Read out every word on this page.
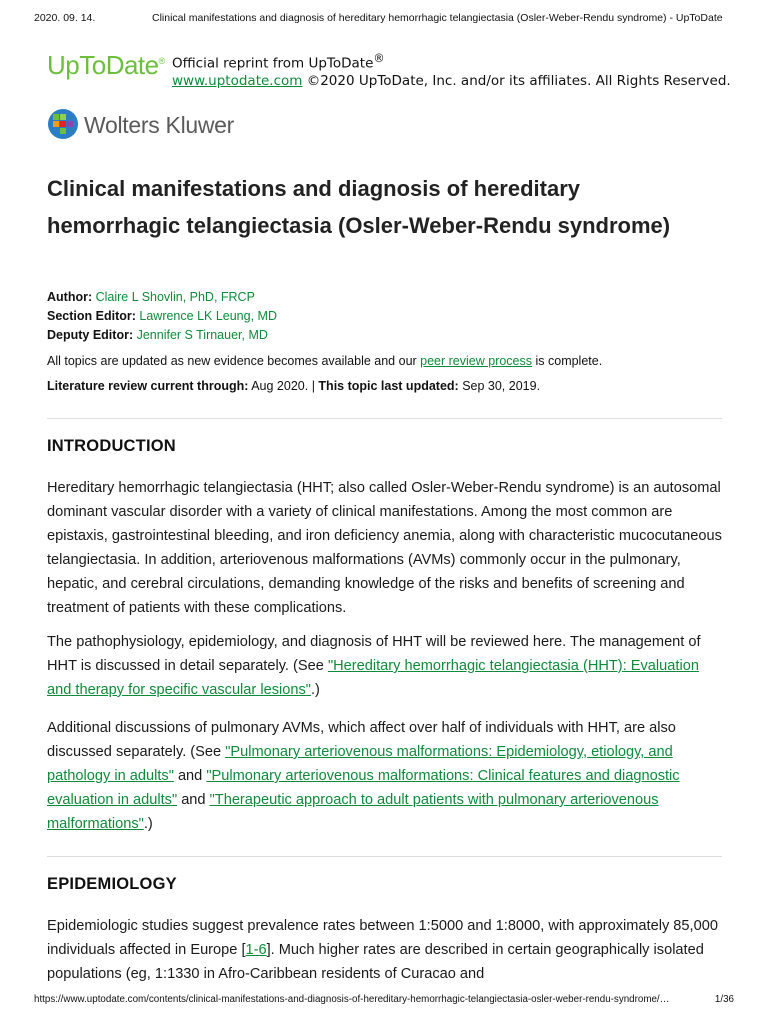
2020. 09. 14.	Clinical manifestations and diagnosis of hereditary hemorrhagic telangiectasia (Osler-Weber-Rendu syndrome) - UpToDate
UpToDate® Official reprint from UpToDate®
www.uptodate.com ©2020 UpToDate, Inc. and/or its affiliates. All Rights Reserved.
Wolters Kluwer
Clinical manifestations and diagnosis of hereditary hemorrhagic telangiectasia (Osler-Weber-Rendu syndrome)
Author: Claire L Shovlin, PhD, FRCP
Section Editor: Lawrence LK Leung, MD
Deputy Editor: Jennifer S Tirnauer, MD
All topics are updated as new evidence becomes available and our peer review process is complete.
Literature review current through: Aug 2020. | This topic last updated: Sep 30, 2019.
INTRODUCTION

Hereditary hemorrhagic telangiectasia (HHT; also called Osler-Weber-Rendu syndrome) is an autosomal dominant vascular disorder with a variety of clinical manifestations. Among the most common are epistaxis, gastrointestinal bleeding, and iron deficiency anemia, along with characteristic mucocutaneous telangiectasia. In addition, arteriovenous malformations (AVMs) commonly occur in the pulmonary, hepatic, and cerebral circulations, demanding knowledge of the risks and benefits of screening and treatment of patients with these complications.

The pathophysiology, epidemiology, and diagnosis of HHT will be reviewed here. The management of HHT is discussed in detail separately. (See "Hereditary hemorrhagic telangiectasia (HHT): Evaluation and therapy for specific vascular lesions".)

Additional discussions of pulmonary AVMs, which affect over half of individuals with HHT, are also discussed separately. (See "Pulmonary arteriovenous malformations: Epidemiology, etiology, and pathology in adults" and "Pulmonary arteriovenous malformations: Clinical features and diagnostic evaluation in adults" and "Therapeutic approach to adult patients with pulmonary arteriovenous malformations".)

EPIDEMIOLOGY

Epidemiologic studies suggest prevalence rates between 1:5000 and 1:8000, with approximately 85,000 individuals affected in Europe [1-6]. Much higher rates are described in certain geographically isolated populations (eg, 1:1330 in Afro-Caribbean residents of Curacao and

https://www.uptodate.com/contents/clinical-manifestations-and-diagnosis-of-hereditary-hemorrhagic-telangiectasia-osler-weber-rendu-syndrome/…	1/36
